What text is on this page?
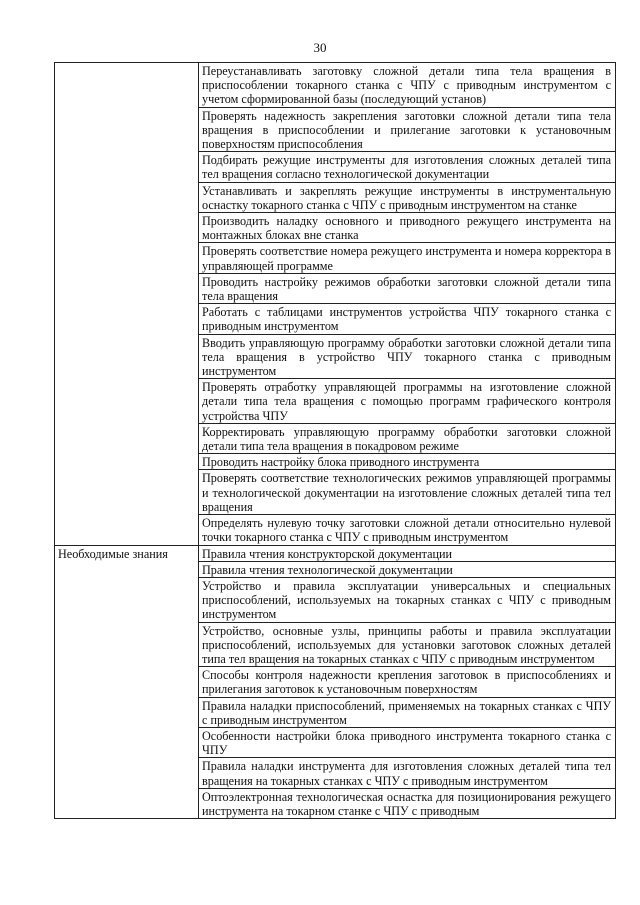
30
	Переустанавливать заготовку сложной детали типа тела вращения в приспособлении токарного станка с ЧПУ с приводным инструментом с учетом сформированной базы (последующий установ)
	Проверять надежность закрепления заготовки сложной детали типа тела вращения в приспособлении и прилегание заготовки к установочным поверхностям приспособления
	Подбирать режущие инструменты для изготовления сложных деталей типа тел вращения согласно технологической документации
	Устанавливать и закреплять режущие инструменты в инструментальную оснастку токарного станка с ЧПУ с приводным инструментом на станке
	Производить наладку основного и приводного режущего инструмента на монтажных блоках вне станка
	Проверять соответствие номера режущего инструмента и номера корректора в управляющей программе
	Проводить настройку режимов обработки заготовки сложной детали типа тела вращения
	Работать с таблицами инструментов устройства ЧПУ токарного станка с приводным инструментом
	Вводить управляющую программу обработки заготовки сложной детали типа тела вращения в устройство ЧПУ токарного станка с приводным инструментом
	Проверять отработку управляющей программы на изготовление сложной детали типа тела вращения с помощью программ графического контроля устройства ЧПУ
	Корректировать управляющую программу обработки заготовки сложной детали типа тела вращения в покадровом режиме
	Проводить настройку блока приводного инструмента
	Проверять соответствие технологических режимов управляющей программы и технологической документации на изготовление сложных деталей типа тел вращения
	Определять нулевую точку заготовки сложной детали относительно нулевой точки токарного станка с ЧПУ с приводным инструментом
Необходимые знания	Правила чтения конструкторской документации
	Правила чтения технологической документации
	Устройство и правила эксплуатации универсальных и специальных приспособлений, используемых на токарных станках с ЧПУ с приводным инструментом
	Устройство, основные узлы, принципы работы и правила эксплуатации приспособлений, используемых для установки заготовок сложных деталей типа тел вращения на токарных станках с ЧПУ с приводным инструментом
	Способы контроля надежности крепления заготовок в приспособлениях и прилегания заготовок к установочным поверхностям
	Правила наладки приспособлений, применяемых на токарных станках с ЧПУ с приводным инструментом
	Особенности настройки блока приводного инструмента токарного станка с ЧПУ
	Правила наладки инструмента для изготовления сложных деталей типа тел вращения на токарных станках с ЧПУ с приводным инструментом
	Оптоэлектронная технологическая оснастка для позиционирования режущего инструмента на токарном станке с ЧПУ с приводным
